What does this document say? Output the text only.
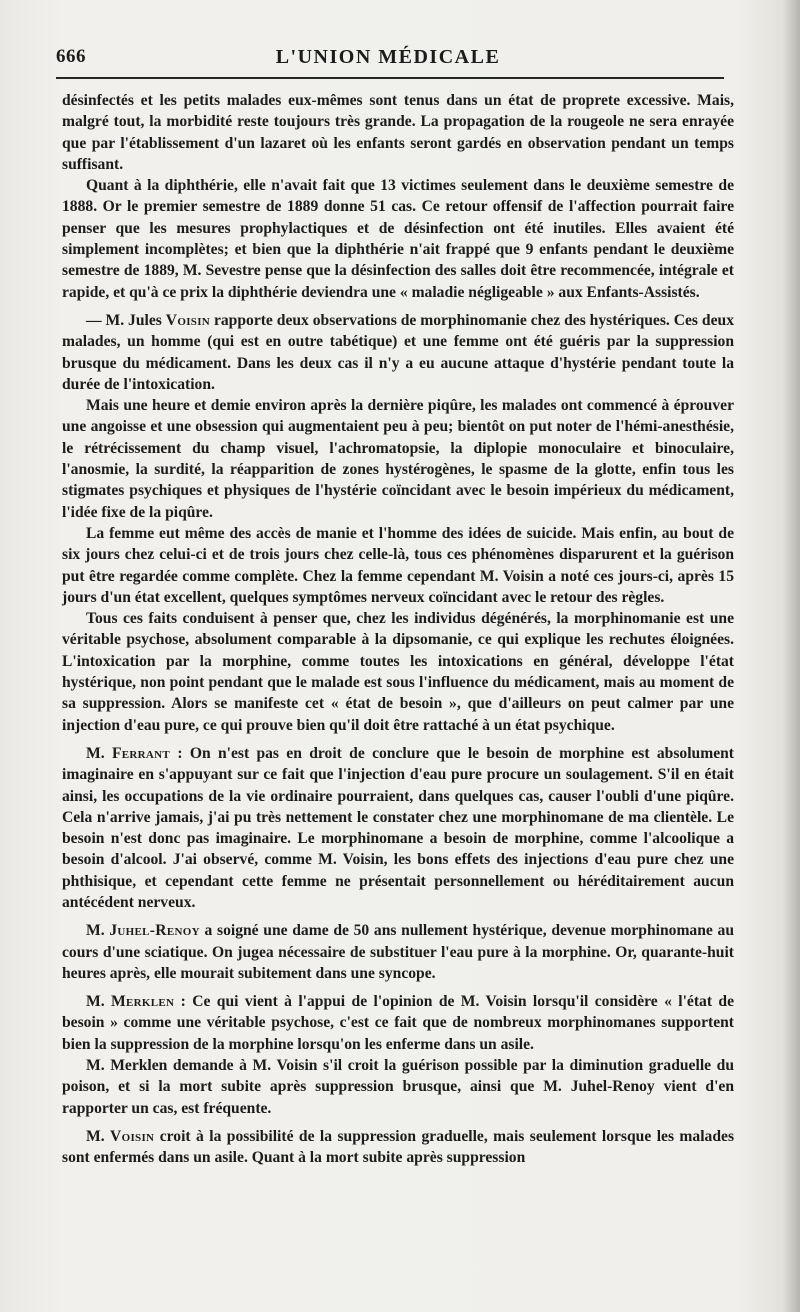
666	L'UNION MÉDICALE

désinfectés et les petits malades eux-mêmes sont tenus dans un état de proprete excessive. Mais, malgré tout, la morbidité reste toujours très grande. La propagation de la rougeole ne sera enrayée que par l'établissement d'un lazaret où les enfants seront gardés en observation pendant un temps suffisant.

Quant à la diphthérie, elle n'avait fait que 13 victimes seulement dans le deuxième semestre de 1888. Or le premier semestre de 1889 donne 51 cas. Ce retour offensif de l'affection pourrait faire penser que les mesures prophylactiques et de désinfection ont été inutiles. Elles avaient été simplement incomplètes; et bien que la diphthérie n'ait frappé que 9 enfants pendant le deuxième semestre de 1889, M. Sevestre pense que la désinfection des salles doit être recommencée, intégrale et rapide, et qu'à ce prix la diphthérie deviendra une « maladie négligeable » aux Enfants-Assistés.

— M. Jules Voisin rapporte deux observations de morphinomanie chez des hystériques. Ces deux malades, un homme (qui est en outre tabétique) et une femme ont été guéris par la suppression brusque du médicament. Dans les deux cas il n'y a eu aucune attaque d'hystérie pendant toute la durée de l'intoxication.

Mais une heure et demie environ après la dernière piqûre, les malades ont commencé à éprouver une angoisse et une obsession qui augmentaient peu à peu; bientôt on put noter de l'hémi-anesthésie, le rétrécissement du champ visuel, l'achromatopsie, la diplopie monoculaire et binoculaire, l'anosmie, la surdité, la réapparition de zones hystérogènes, le spasme de la glotte, enfin tous les stigmates psychiques et physiques de l'hystérie coïncidant avec le besoin impérieux du médicament, l'idée fixe de la piqûre.

La femme eut même des accès de manie et l'homme des idées de suicide. Mais enfin, au bout de six jours chez celui-ci et de trois jours chez celle-là, tous ces phénomènes disparurent et la guérison put être regardée comme complète. Chez la femme cependant M. Voisin a noté ces jours-ci, après 15 jours d'un état excellent, quelques symptômes nerveux coïncidant avec le retour des règles.

Tous ces faits conduisent à penser que, chez les individus dégénérés, la morphinomanie est une véritable psychose, absolument comparable à la dipsomanie, ce qui explique les rechutes éloignées. L'intoxication par la morphine, comme toutes les intoxications en général, développe l'état hystérique, non point pendant que le malade est sous l'influence du médicament, mais au moment de sa suppression. Alors se manifeste cet « état de besoin », que d'ailleurs on peut calmer par une injection d'eau pure, ce qui prouve bien qu'il doit être rattaché à un état psychique.

M. Ferrant : On n'est pas en droit de conclure que le besoin de morphine est absolument imaginaire en s'appuyant sur ce fait que l'injection d'eau pure procure un soulagement. S'il en était ainsi, les occupations de la vie ordinaire pourraient, dans quelques cas, causer l'oubli d'une piqûre. Cela n'arrive jamais, j'ai pu très nettement le constater chez une morphinomane de ma clientèle. Le besoin n'est donc pas imaginaire. Le morphinomane a besoin de morphine, comme l'alcoolique a besoin d'alcool. J'ai observé, comme M. Voisin, les bons effets des injections d'eau pure chez une phthisique, et cependant cette femme ne présentait personnellement ou héréditairement aucun antécédent nerveux.

M. Juhel-Renoy a soigné une dame de 50 ans nullement hystérique, devenue morphinomane au cours d'une sciatique. On jugea nécessaire de substituer l'eau pure à la morphine. Or, quarante-huit heures après, elle mourait subitement dans une syncope.

M. Merklen : Ce qui vient à l'appui de l'opinion de M. Voisin lorsqu'il considère « l'état de besoin » comme une véritable psychose, c'est ce fait que de nombreux morphinomanes supportent bien la suppression de la morphine lorsqu'on les enferme dans un asile.

M. Merklen demande à M. Voisin s'il croit la guérison possible par la diminution graduelle du poison, et si la mort subite après suppression brusque, ainsi que M. Juhel-Renoy vient d'en rapporter un cas, est fréquente.

M. Voisin croit à la possibilité de la suppression graduelle, mais seulement lorsque les malades sont enfermés dans un asile. Quant à la mort subite après suppression
